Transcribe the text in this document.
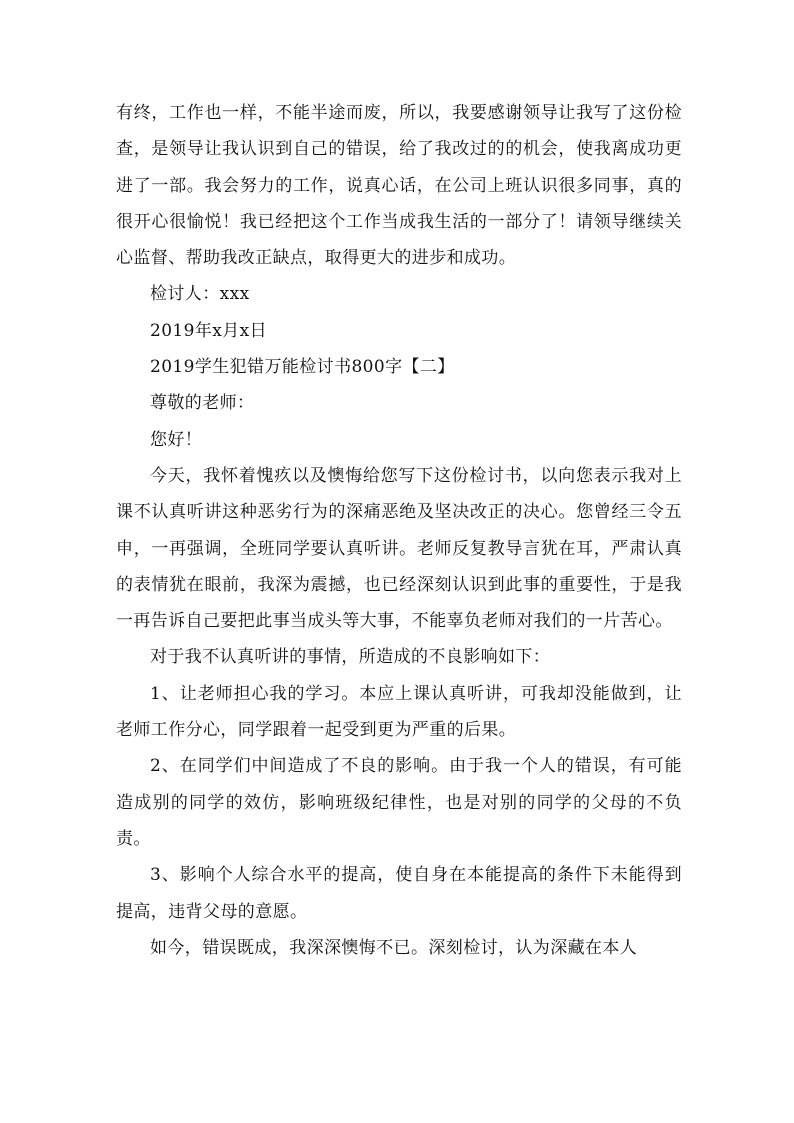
有终，工作也一样，不能半途而废，所以，我要感谢领导让我写了这份检查，是领导让我认识到自己的错误，给了我改过的的机会，使我离成功更进了一部。我会努力的工作，说真心话，在公司上班认识很多同事，真的很开心很愉悦！我已经把这个工作当成我生活的一部分了！请领导继续关心监督、帮助我改正缺点，取得更大的进步和成功。

检讨人：xxx

2019年x月x日

2019学生犯错万能检讨书800字【二】

尊敬的老师：

您好！

今天，我怀着愧疚以及懊悔给您写下这份检讨书，以向您表示我对上课不认真听讲这种恶劣行为的深痛恶绝及坚决改正的决心。您曾经三令五申，一再强调，全班同学要认真听讲。老师反复教导言犹在耳，严肃认真的表情犹在眼前，我深为震撼，也已经深刻认识到此事的重要性，于是我一再告诉自己要把此事当成头等大事，不能辜负老师对我们的一片苦心。

对于我不认真听讲的事情，所造成的不良影响如下：

1、让老师担心我的学习。本应上课认真听讲，可我却没能做到，让老师工作分心，同学跟着一起受到更为严重的后果。

2、在同学们中间造成了不良的影响。由于我一个人的错误，有可能造成别的同学的效仿，影响班级纪律性，也是对别的同学的父母的不负责。

3、影响个人综合水平的提高，使自身在本能提高的条件下未能得到提高，违背父母的意愿。

如今，错误既成，我深深懊悔不已。深刻检讨，认为深藏在本人
